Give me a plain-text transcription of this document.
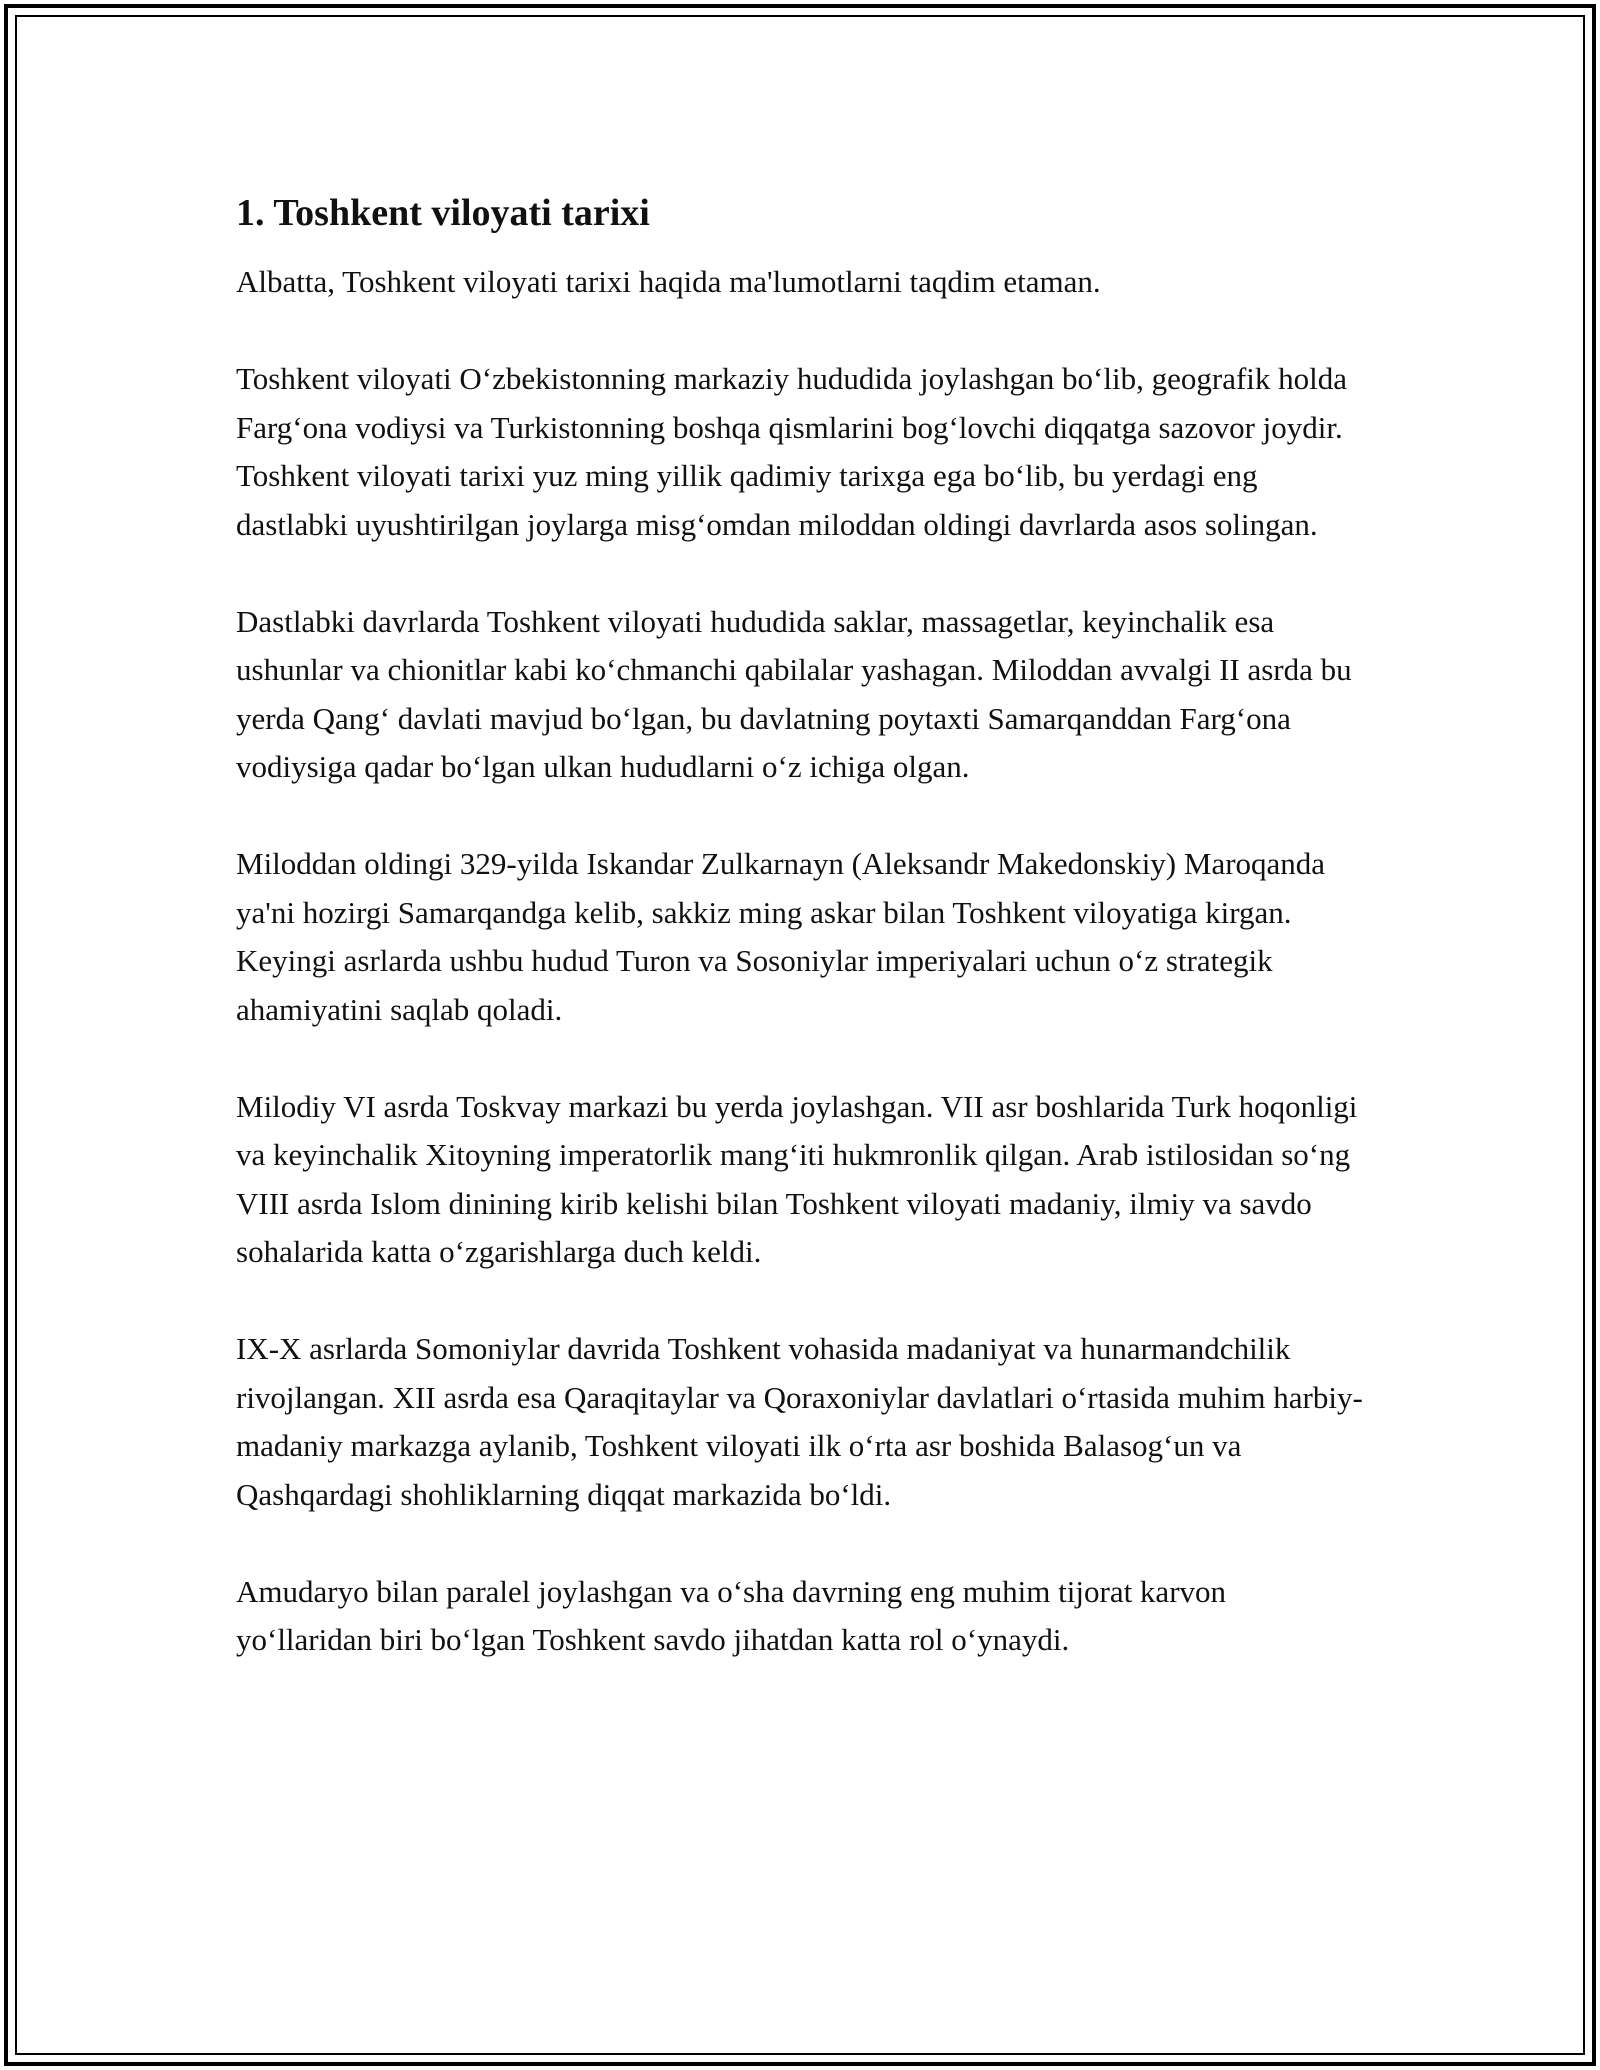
1. Toshkent viloyati tarixi

Albatta, Toshkent viloyati tarixi haqida ma'lumotlarni taqdim etaman.

Toshkent viloyati O‘zbekistonning markaziy hududida joylashgan bo‘lib, geografik holda Farg‘ona vodiysi va Turkistonning boshqa qismlarini bog‘lovchi diqqatga sazovor joydir. Toshkent viloyati tarixi yuz ming yillik qadimiy tarixga ega bo‘lib, bu yerdagi eng dastlabki uyushtirilgan joylarga misg‘omdan miloddan oldingi davrlarda asos solingan.

Dastlabki davrlarda Toshkent viloyati hududida saklar, massagetlar, keyinchalik esa ushunlar va chionitlar kabi ko‘chmanchi qabilalar yashagan. Miloddan avvalgi II asrda bu yerda Qang‘ davlati mavjud bo‘lgan, bu davlatning poytaxti Samarqanddan Farg‘ona vodiysiga qadar bo‘lgan ulkan hududlarni o‘z ichiga olgan.

Miloddan oldingi 329-yilda Iskandar Zulkarnayn (Aleksandr Makedonskiy) Maroqanda ya'ni hozirgi Samarqandga kelib, sakkiz ming askar bilan Toshkent viloyatiga kirgan. Keyingi asrlarda ushbu hudud Turon va Sosoniylar imperiyalari uchun o‘z strategik ahamiyatini saqlab qoladi.

Milodiy VI asrda Toskvay markazi bu yerda joylashgan. VII asr boshlarida Turk hoqonligi va keyinchalik Xitoyning imperatorlik mang‘iti hukmronlik qilgan. Arab istilosidan so‘ng VIII asrda Islom dinining kirib kelishi bilan Toshkent viloyati madaniy, ilmiy va savdo sohalarida katta o‘zgarishlarga duch keldi.

IX-X asrlarda Somoniylar davrida Toshkent vohasida madaniyat va hunarmandchilik rivojlangan. XII asrda esa Qaraqitaylar va Qoraxoniylar davlatlari o‘rtasida muhim harbiy-madaniy markazga aylanib, Toshkent viloyati ilk o‘rta asr boshida Balasog‘un va Qashqardagi shohliklarning diqqat markazida bo‘ldi.

Amudaryo bilan paralel joylashgan va o‘sha davrning eng muhim tijorat karvon yo‘llaridan biri bo‘lgan Toshkent savdo jihatdan katta rol o‘ynaydi.
